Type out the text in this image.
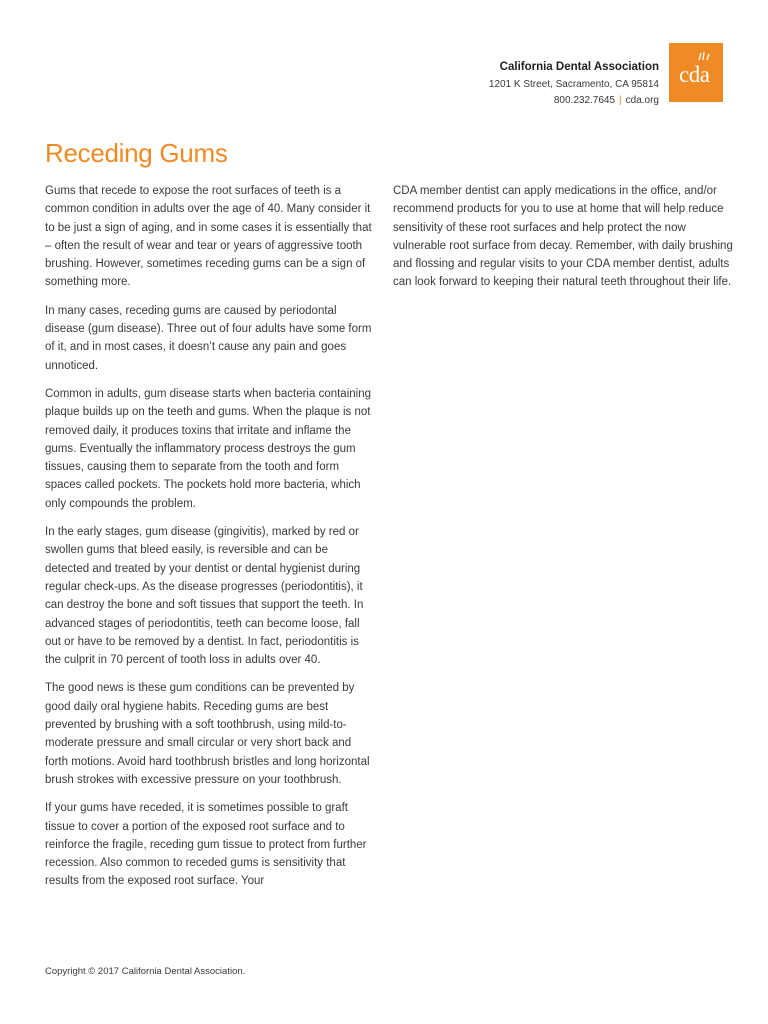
California Dental Association
1201 K Street, Sacramento, CA 95814
800.232.7645 | cda.org
cda
Receding Gums

Gums that recede to expose the root surfaces of teeth is a common condition in adults over the age of 40. Many consider it to be just a sign of aging, and in some cases it is essentially that – often the result of wear and tear or years of aggressive tooth brushing. However, sometimes receding gums can be a sign of something more.

In many cases, receding gums are caused by periodontal disease (gum disease). Three out of four adults have some form of it, and in most cases, it doesn’t cause any pain and goes unnoticed.

Common in adults, gum disease starts when bacteria containing plaque builds up on the teeth and gums. When the plaque is not removed daily, it produces toxins that irritate and inflame the gums. Eventually the inflammatory process destroys the gum tissues, causing them to separate from the tooth and form spaces called pockets. The pockets hold more bacteria, which only compounds the problem.

In the early stages, gum disease (gingivitis), marked by red or swollen gums that bleed easily, is reversible and can be detected and treated by your dentist or dental hygienist during regular check-ups. As the disease progresses (periodontitis), it can destroy the bone and soft tissues that support the teeth. In advanced stages of periodontitis, teeth can become loose, fall out or have to be removed by a dentist. In fact, periodontitis is the culprit in 70 percent of tooth loss in adults over 40.

The good news is these gum conditions can be prevented by good daily oral hygiene habits. Receding gums are best prevented by brushing with a soft toothbrush, using mild-to-moderate pressure and small circular or very short back and forth motions. Avoid hard toothbrush bristles and long horizontal brush strokes with excessive pressure on your toothbrush.

If your gums have receded, it is sometimes possible to graft tissue to cover a portion of the exposed root surface and to reinforce the fragile, receding gum tissue to protect from further recession. Also common to receded gums is sensitivity that results from the exposed root surface. Your

CDA member dentist can apply medications in the office, and/or recommend products for you to use at home that will help reduce sensitivity of these root surfaces and help protect the now vulnerable root surface from decay. Remember, with daily brushing and flossing and regular visits to your CDA member dentist, adults can look forward to keeping their natural teeth throughout their life.

Copyright © 2017 California Dental Association.
